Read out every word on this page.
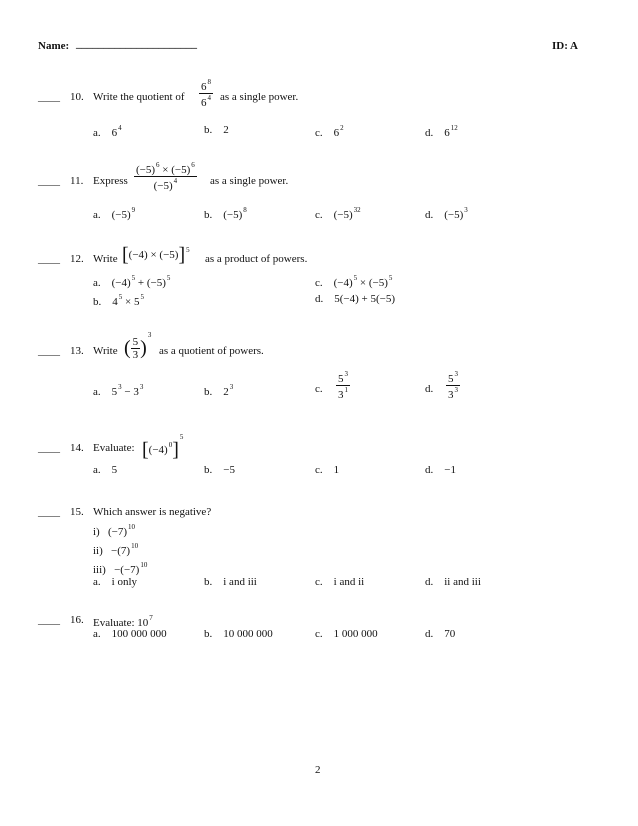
Name: ______________________	ID: A
____ 10. Write the quotient of $\frac{6^8}{6^4}$ as a single power.
a. $6^4$	b. 2	c. $6^2$	d. $6^{12}$
____ 11. Express $\frac{(-5)^6 \times (-5)^6}{(-5)^4}$ as a single power.
a. $(-5)^9$	b. $(-5)^8$	c. $(-5)^{32}$	d. $(-5)^3$
____ 12. Write $[(-4) \times (-5)]^5$
as a product of powers.
a. $(-4)^5 + (-5)^5$	c. $(-4)^5 \times (-5)^5$
b. $4^5 \times 5^5$	d. 5(−4) + 5(−5)
____ 13. Write ( $\frac{5}{3} )^3$
as a quotient of powers.
a. $5^3 - 3^3$	b. $2^3$	c. $\frac{5^3}{3^1}$	d. $\frac{5^3}{3^3}$
____ 14. Evaluate: $[(-4)^0]^5$
a. 5	b. −5	c. 1	d. −1
____ 15. Which answer is negative?
i) $(-7)^{10}$
$ii) -(7)^{10}$
$iii) -(-7)^{10}$
a. i only	b. i and iii	c. i and ii	d. ii and iii
____ 16. Evaluate: $10^7$
a. 100 000 000	b. 10 000 000	c. 1 000 000	d. 70
2
